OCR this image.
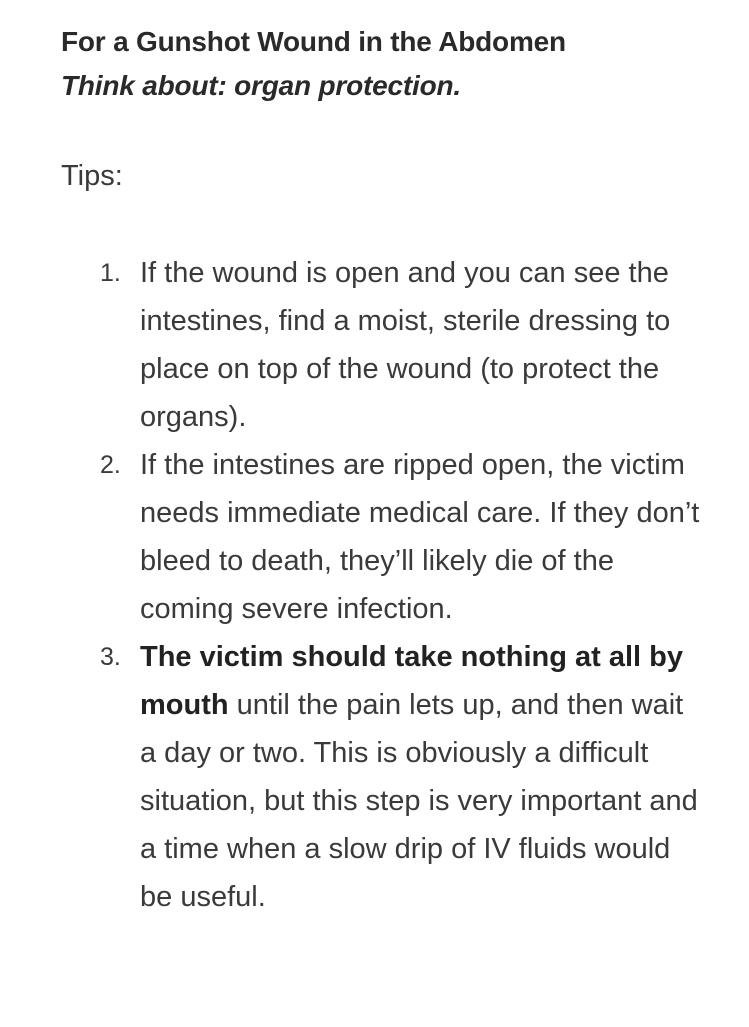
For a Gunshot Wound in the Abdomen
Think about: organ protection.
Tips:
1. If the wound is open and you can see the intestines, find a moist, sterile dressing to place on top of the wound (to protect the organs).
2. If the intestines are ripped open, the victim needs immediate medical care. If they don’t bleed to death, they’ll likely die of the coming severe infection.
3. The victim should take nothing at all by mouth until the pain lets up, and then wait a day or two. This is obviously a difficult situation, but this step is very important and a time when a slow drip of IV fluids would be useful.
